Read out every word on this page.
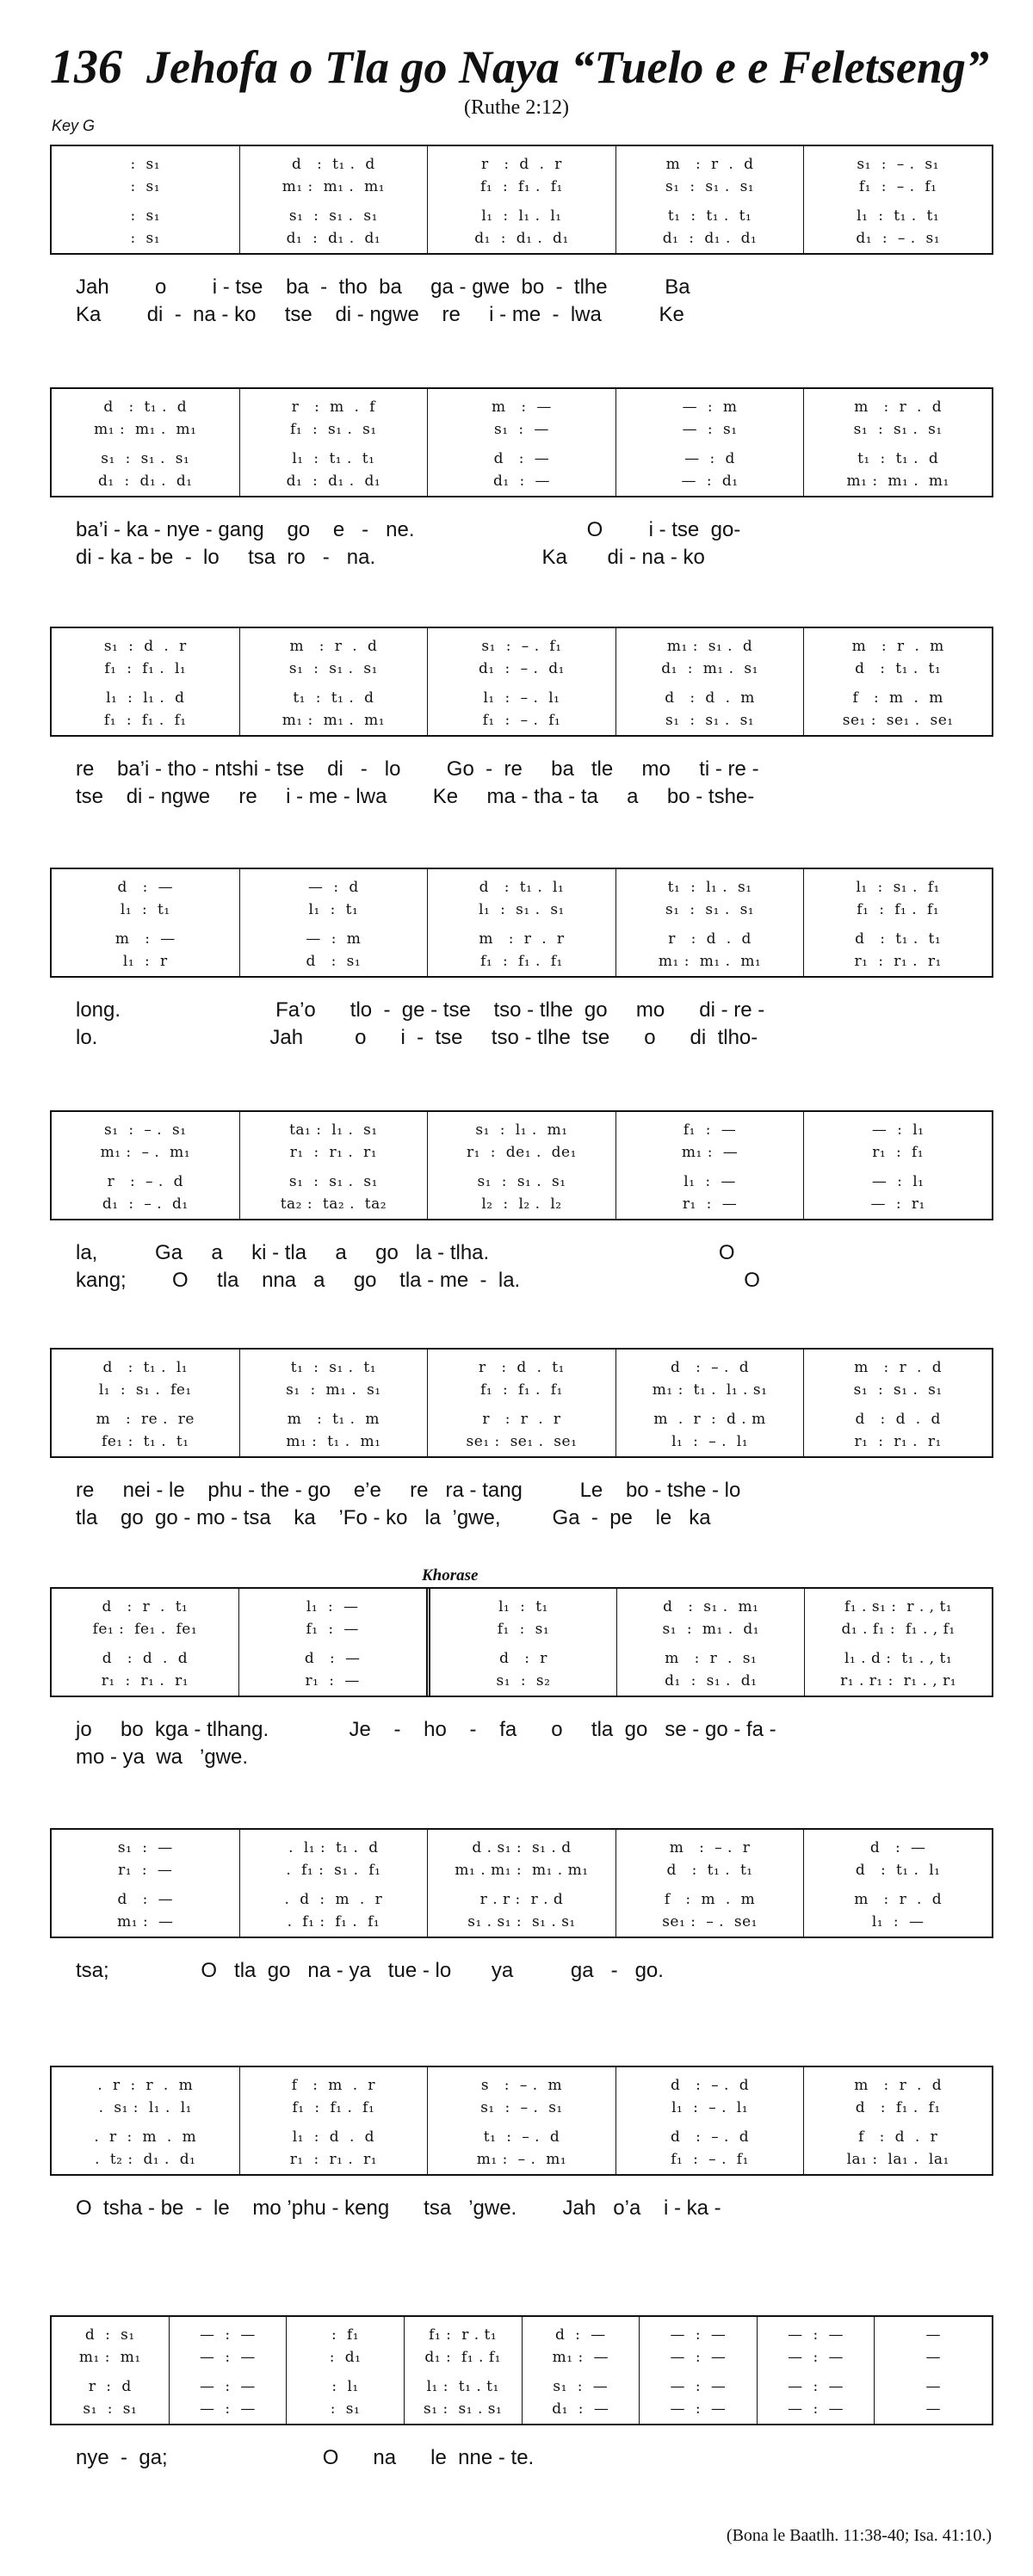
136 Jehofa o Tla go Naya “Tuelo e e Feletseng”
(Ruthe 2:12)
Key G
Khorase
:  s₁
:  s₁
:  s₁
:  s₁
d   :  t₁ .  d
m₁ :  m₁ .  m₁
s₁  :  s₁ .  s₁
d₁  :  d₁ .  d₁
r   :  d  .  r
f₁  :  f₁ .  f₁
l₁  :  l₁ .  l₁
d₁  :  d₁ .  d₁
m   :  r  .  d
s₁  :  s₁ .  s₁
t₁  :  t₁ .  t₁
d₁  :  d₁ .  d₁
s₁  :  – .  s₁
f₁  :  – .  f₁
l₁  :  t₁ .  t₁
d₁  :  – .  s₁
Jah        o        i - tse    ba  -  tho  ba     ga - gwe  bo  -  tlhe          Ba
Ka        di  -  na - ko     tse    di - ngwe    re     i - me  -  lwa          Ke
d   :  t₁ .  d
m₁ :  m₁ .  m₁
s₁  :  s₁ .  s₁
d₁  :  d₁ .  d₁
r   :  m  .  f
f₁  :  s₁ .  s₁
l₁  :  t₁ .  t₁
d₁  :  d₁ .  d₁
m   :  —
s₁  :  —
d   :  —
d₁  :  —
—  :  m
—  :  s₁
—  :  d
—  :  d₁
m   :  r  .  d
s₁  :  s₁ .  s₁
t₁  :  t₁ .  d
m₁ :  m₁ .  m₁
ba’i - ka - nye - gang    go    e   -   ne.                              O        i - tse  go-
di - ka - be  -  lo     tsa  ro   -   na.                             Ka       di - na - ko
s₁  :  d  .  r
f₁  :  f₁ .  l₁
l₁  :  l₁ .  d
f₁  :  f₁ .  f₁
m   :  r  .  d
s₁  :  s₁ .  s₁
t₁  :  t₁ .  d
m₁ :  m₁ .  m₁
s₁  :  – .  f₁
d₁  :  – .  d₁
l₁  :  – .  l₁
f₁  :  – .  f₁
m₁ :  s₁ .  d
d₁  :  m₁ .  s₁
d   :  d  .  m
s₁  :  s₁ .  s₁
m   :  r  .  m
d   :  t₁ .  t₁
f   :  m  .  m
se₁ :  se₁ .  se₁
re    ba’i - tho - ntshi - tse    di   -   lo        Go  -  re     ba   tle     mo     ti - re -
tse    di - ngwe     re     i - me - lwa        Ke     ma - tha - ta     a     bo - tshe-
d   :  —
l₁  :  t₁
m   :  —
l₁  :  r
—  :  d
l₁  :  t₁
—  :  m
d   :  s₁
d   :  t₁ .  l₁
l₁  :  s₁ .  s₁
m   :  r  .  r
f₁  :  f₁ .  f₁
t₁  :  l₁ .  s₁
s₁  :  s₁ .  s₁
r   :  d  .  d
m₁ :  m₁ .  m₁
l₁  :  s₁ .  f₁
f₁  :  f₁ .  f₁
d   :  t₁ .  t₁
r₁  :  r₁ .  r₁
long.                           Fa’o      tlo  -  ge - tse    tso - tlhe  go     mo      di - re -
lo.                              Jah         o      i  -  tse     tso - tlhe  tse      o      di  tlho-
s₁  :  – .  s₁
m₁ :  – .  m₁
r   :  – .  d
d₁  :  – .  d₁
ta₁ :  l₁ .  s₁
r₁  :  r₁ .  r₁
s₁  :  s₁ .  s₁
ta₂ :  ta₂ .  ta₂
s₁  :  l₁ .  m₁
r₁  :  de₁ .  de₁
s₁  :  s₁ .  s₁
l₂  :  l₂ .  l₂
f₁  :  —
m₁ :  —
l₁  :  —
r₁  :  —
—  :  l₁
r₁  :  f₁
—  :  l₁
—  :  r₁
la,          Ga     a     ki - tla     a     go   la - tlha.                                        O
kang;        O     tla    nna   a     go    tla - me  -  la.                                       O
d   :  t₁ .  l₁
l₁  :  s₁ .  fe₁
m   :  re .  re
fe₁ :  t₁ .  t₁
t₁  :  s₁ .  t₁
s₁  :  m₁ .  s₁
m   :  t₁ .  m
m₁ :  t₁ .  m₁
r   :  d  .  t₁
f₁  :  f₁ .  f₁
r   :  r  .  r
se₁ :  se₁ .  se₁
d   :  – .  d
m₁ :  t₁ .  l₁ . s₁
m  .  r  :  d . m
l₁  :  – .  l₁
m   :  r  .  d
s₁  :  s₁ .  s₁
d   :  d  .  d
r₁  :  r₁ .  r₁
re     nei - le    phu - the - go    e’e     re   ra - tang          Le    bo - tshe - lo
tla    go  go - mo - tsa    ka    ’Fo - ko   la  ’gwe,         Ga  -  pe    le   ka
d   :  r  .  t₁
fe₁ :  fe₁ .  fe₁
d   :  d  .  d
r₁  :  r₁ .  r₁
l₁  :  —
f₁  :  —
d   :  —
r₁  :  —
l₁  :  t₁
f₁  :  s₁
d   :  r
s₁  :  s₂
d   :  s₁ .  m₁
s₁  :  m₁ .  d₁
m   :  r  .  s₁
d₁  :  s₁ .  d₁
f₁ . s₁ :  r . , t₁
d₁ . f₁ :  f₁ . , f₁
l₁ . d :  t₁ . , t₁
r₁ . r₁ :  r₁ . , r₁
jo     bo  kga - tlhang.              Je    -    ho    -    fa      o     tla  go   se - go - fa -
mo - ya  wa   ’gwe.
s₁  :  —
r₁  :  —
d   :  —
m₁ :  —
.  l₁ :  t₁ .  d
.  f₁ :  s₁ .  f₁
.  d  :  m  .  r
.  f₁ :  f₁ .  f₁
d . s₁ :  s₁ . d
m₁ . m₁ :  m₁ . m₁
r . r :  r . d
s₁ . s₁ :  s₁ . s₁
m   :  – .  r
d   :  t₁ .  t₁
f   :  m  .  m
se₁ :  – .  se₁
d   :  —
d   :  t₁ .  l₁
m   :  r  .  d
l₁  :  —
tsa;                O   tla  go   na - ya   tue - lo       ya          ga   -   go.
.  r  :  r  .  m
.  s₁ :  l₁ .  l₁
.  r  :  m  .  m
.  t₂ :  d₁ .  d₁
f   :  m  .  r
f₁  :  f₁ .  f₁
l₁  :  d  .  d
r₁  :  r₁ .  r₁
s   :  – .  m
s₁  :  – .  s₁
t₁  :  – .  d
m₁ :  – .  m₁
d   :  – .  d
l₁  :  – .  l₁
d   :  – .  d
f₁  :  – .  f₁
m   :  r  .  d
d   :  f₁ .  f₁
f   :  d  .  r
la₁ :  la₁ .  la₁
O  tsha - be  -  le    mo ’phu - keng      tsa   ’gwe.        Jah   o’a    i - ka -
d  :  s₁
m₁ :  m₁
r  :  d
s₁  :  s₁
—  :  —
—  :  —
—  :  —
—  :  —
:  f₁
:  d₁
:  l₁
:  s₁
f₁ :  r . t₁
d₁ :  f₁ . f₁
l₁ :  t₁ . t₁
s₁ :  s₁ . s₁
d  :  —
m₁ :  —
s₁  :  —
d₁  :  —
—  :  —
—  :  —
—  :  —
—  :  —
—  :  —
—  :  —
—  :  —
—  :  —
—
—
—
—
nye  -  ga;                           O      na      le  nne - te.
(Bona le Baatlh. 11:38-40; Isa. 41:10.)
